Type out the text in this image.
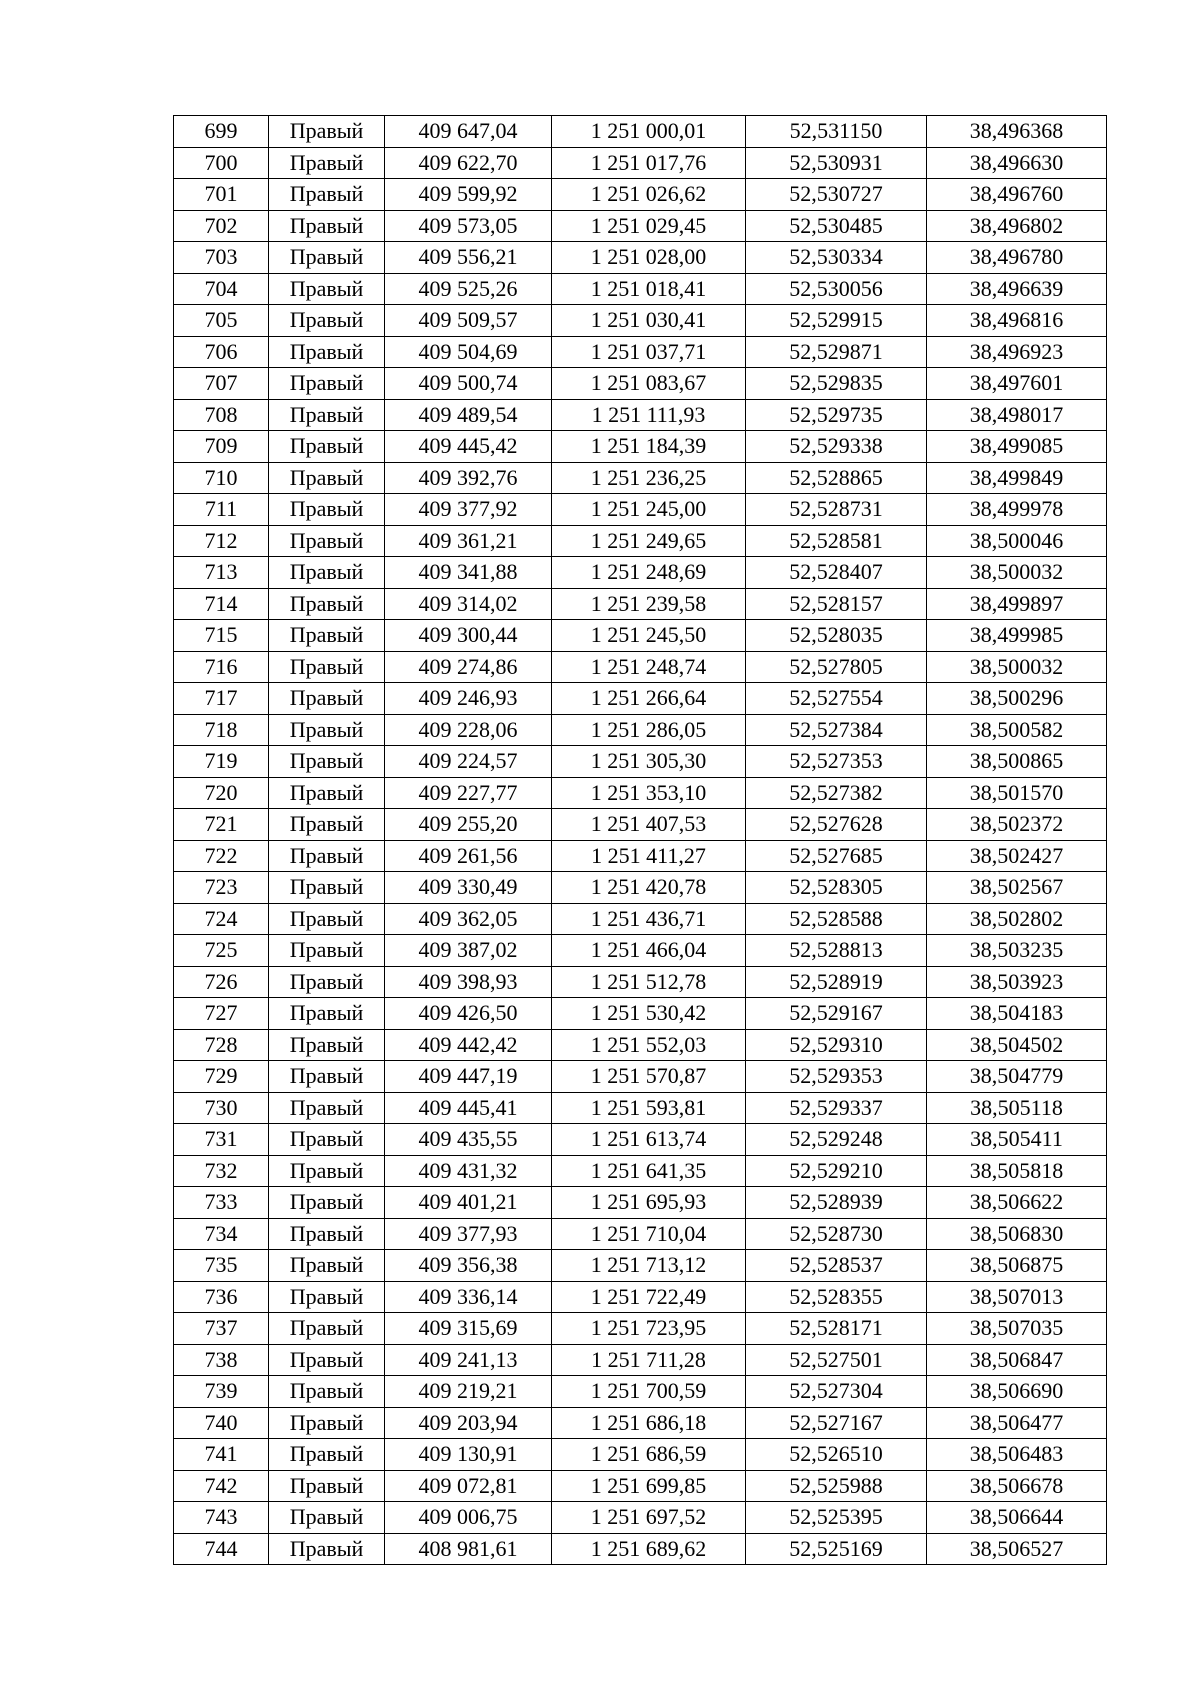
699	Правый	409 647,04	1 251 000,01	52,531150	38,496368
700	Правый	409 622,70	1 251 017,76	52,530931	38,496630
701	Правый	409 599,92	1 251 026,62	52,530727	38,496760
702	Правый	409 573,05	1 251 029,45	52,530485	38,496802
703	Правый	409 556,21	1 251 028,00	52,530334	38,496780
704	Правый	409 525,26	1 251 018,41	52,530056	38,496639
705	Правый	409 509,57	1 251 030,41	52,529915	38,496816
706	Правый	409 504,69	1 251 037,71	52,529871	38,496923
707	Правый	409 500,74	1 251 083,67	52,529835	38,497601
708	Правый	409 489,54	1 251 111,93	52,529735	38,498017
709	Правый	409 445,42	1 251 184,39	52,529338	38,499085
710	Правый	409 392,76	1 251 236,25	52,528865	38,499849
711	Правый	409 377,92	1 251 245,00	52,528731	38,499978
712	Правый	409 361,21	1 251 249,65	52,528581	38,500046
713	Правый	409 341,88	1 251 248,69	52,528407	38,500032
714	Правый	409 314,02	1 251 239,58	52,528157	38,499897
715	Правый	409 300,44	1 251 245,50	52,528035	38,499985
716	Правый	409 274,86	1 251 248,74	52,527805	38,500032
717	Правый	409 246,93	1 251 266,64	52,527554	38,500296
718	Правый	409 228,06	1 251 286,05	52,527384	38,500582
719	Правый	409 224,57	1 251 305,30	52,527353	38,500865
720	Правый	409 227,77	1 251 353,10	52,527382	38,501570
721	Правый	409 255,20	1 251 407,53	52,527628	38,502372
722	Правый	409 261,56	1 251 411,27	52,527685	38,502427
723	Правый	409 330,49	1 251 420,78	52,528305	38,502567
724	Правый	409 362,05	1 251 436,71	52,528588	38,502802
725	Правый	409 387,02	1 251 466,04	52,528813	38,503235
726	Правый	409 398,93	1 251 512,78	52,528919	38,503923
727	Правый	409 426,50	1 251 530,42	52,529167	38,504183
728	Правый	409 442,42	1 251 552,03	52,529310	38,504502
729	Правый	409 447,19	1 251 570,87	52,529353	38,504779
730	Правый	409 445,41	1 251 593,81	52,529337	38,505118
731	Правый	409 435,55	1 251 613,74	52,529248	38,505411
732	Правый	409 431,32	1 251 641,35	52,529210	38,505818
733	Правый	409 401,21	1 251 695,93	52,528939	38,506622
734	Правый	409 377,93	1 251 710,04	52,528730	38,506830
735	Правый	409 356,38	1 251 713,12	52,528537	38,506875
736	Правый	409 336,14	1 251 722,49	52,528355	38,507013
737	Правый	409 315,69	1 251 723,95	52,528171	38,507035
738	Правый	409 241,13	1 251 711,28	52,527501	38,506847
739	Правый	409 219,21	1 251 700,59	52,527304	38,506690
740	Правый	409 203,94	1 251 686,18	52,527167	38,506477
741	Правый	409 130,91	1 251 686,59	52,526510	38,506483
742	Правый	409 072,81	1 251 699,85	52,525988	38,506678
743	Правый	409 006,75	1 251 697,52	52,525395	38,506644
744	Правый	408 981,61	1 251 689,62	52,525169	38,506527
